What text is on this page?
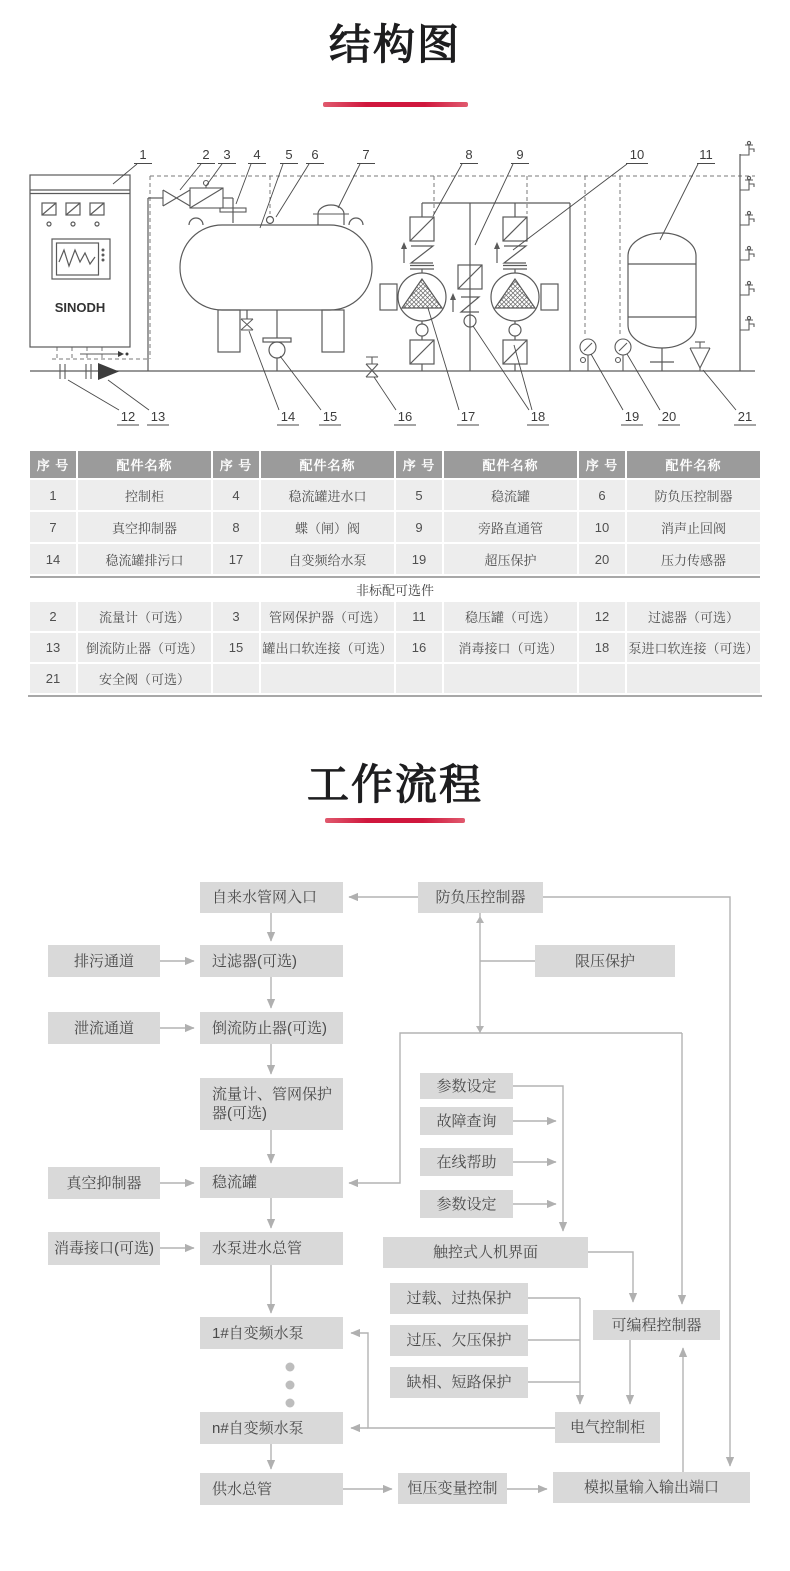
结构图
SINODH
1	2 3 4 5 6	7	8	9	10	11
12 13	14 15	16	17	18	19 20	21
序 号	配件名称	序 号	配件名称	序 号	配件名称	序 号	配件名称
1	控制柜	4	稳流罐进水口	5	稳流罐	6	防负压控制器
7	真空抑制器	8	蝶（闸）阀	9	旁路直通管	10	消声止回阀
14	稳流罐排污口	17	自变频给水泵	19	超压保护	20	压力传感器
非标配可选件							
2	流量计（可选）	3	管网保护器（可选）	11	稳压罐（可选）	12	过滤器（可选）
13	倒流防止器（可选）	15	罐出口软连接（可选）	16	消毒接口（可选）	18	泵进口软连接（可选）
21	安全阀（可选）						
工作流程
自来水管网入口	防负压控制器
排污通道	过滤器(可选)	限压保护
泄流通道	倒流防止器(可选)
流量计、管网保护器(可选)
参数设定
故障查询
在线帮助
参数设定
真空抑制器	稳流罐
消毒接口(可选)	水泵进水总管	触控式人机界面
过载、过热保护
1#自变频水泵	过压、欠压保护
可编程控制器
缺相、短路保护
n#自变频水泵	电气控制柜
供水总管	恒压变量控制	模拟量输入输出端口
